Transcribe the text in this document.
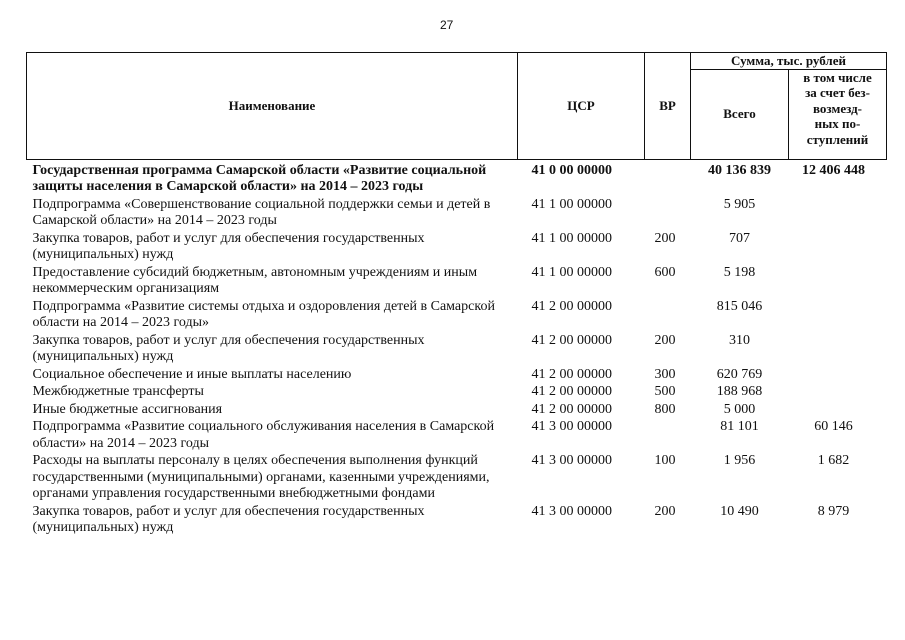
27
Наименование	ЦСР	ВР	Сумма, тыс. рублей	
			Всего	в том числе
за счет без-
возмезд-
ных по-
ступлений

Государственная программа Самарской области «Развитие социальной защиты населения в Самарской области» на 2014 – 2023 годы	41 0 00 00000		40 136 839	12 406 448
Подпрограмма «Совершенствование социальной поддержки семьи и детей в Самарской области» на 2014 – 2023 годы	41 1 00 00000		5 905	
Закупка товаров, работ и услуг для обеспечения государственных (муниципальных) нужд	41 1 00 00000	200	707	
Предоставление субсидий бюджетным, автономным учреждениям и иным некоммерческим организациям	41 1 00 00000	600	5 198	
Подпрограмма «Развитие системы отдыха и оздоровления детей в Самарской области на 2014 – 2023 годы»	41 2 00 00000		815 046	
Закупка товаров, работ и услуг для обеспечения государственных (муниципальных) нужд	41 2 00 00000	200	310	
Социальное обеспечение и иные выплаты населению	41 2 00 00000	300	620 769	
Межбюджетные трансферты	41 2 00 00000	500	188 968	
Иные бюджетные ассигнования	41 2 00 00000	800	5 000	
Подпрограмма «Развитие социального обслуживания населения в Самарской области» на 2014 – 2023 годы	41 3 00 00000		81 101	60 146
Расходы на выплаты персоналу в целях обеспечения выполнения функций государственными (муниципальными) органами, казенными учреждениями, органами управления государственными внебюджетными фондами	41 3 00 00000	100	1 956	1 682
Закупка товаров, работ и услуг для обеспечения государственных (муниципальных) нужд	41 3 00 00000	200	10 490	8 979
